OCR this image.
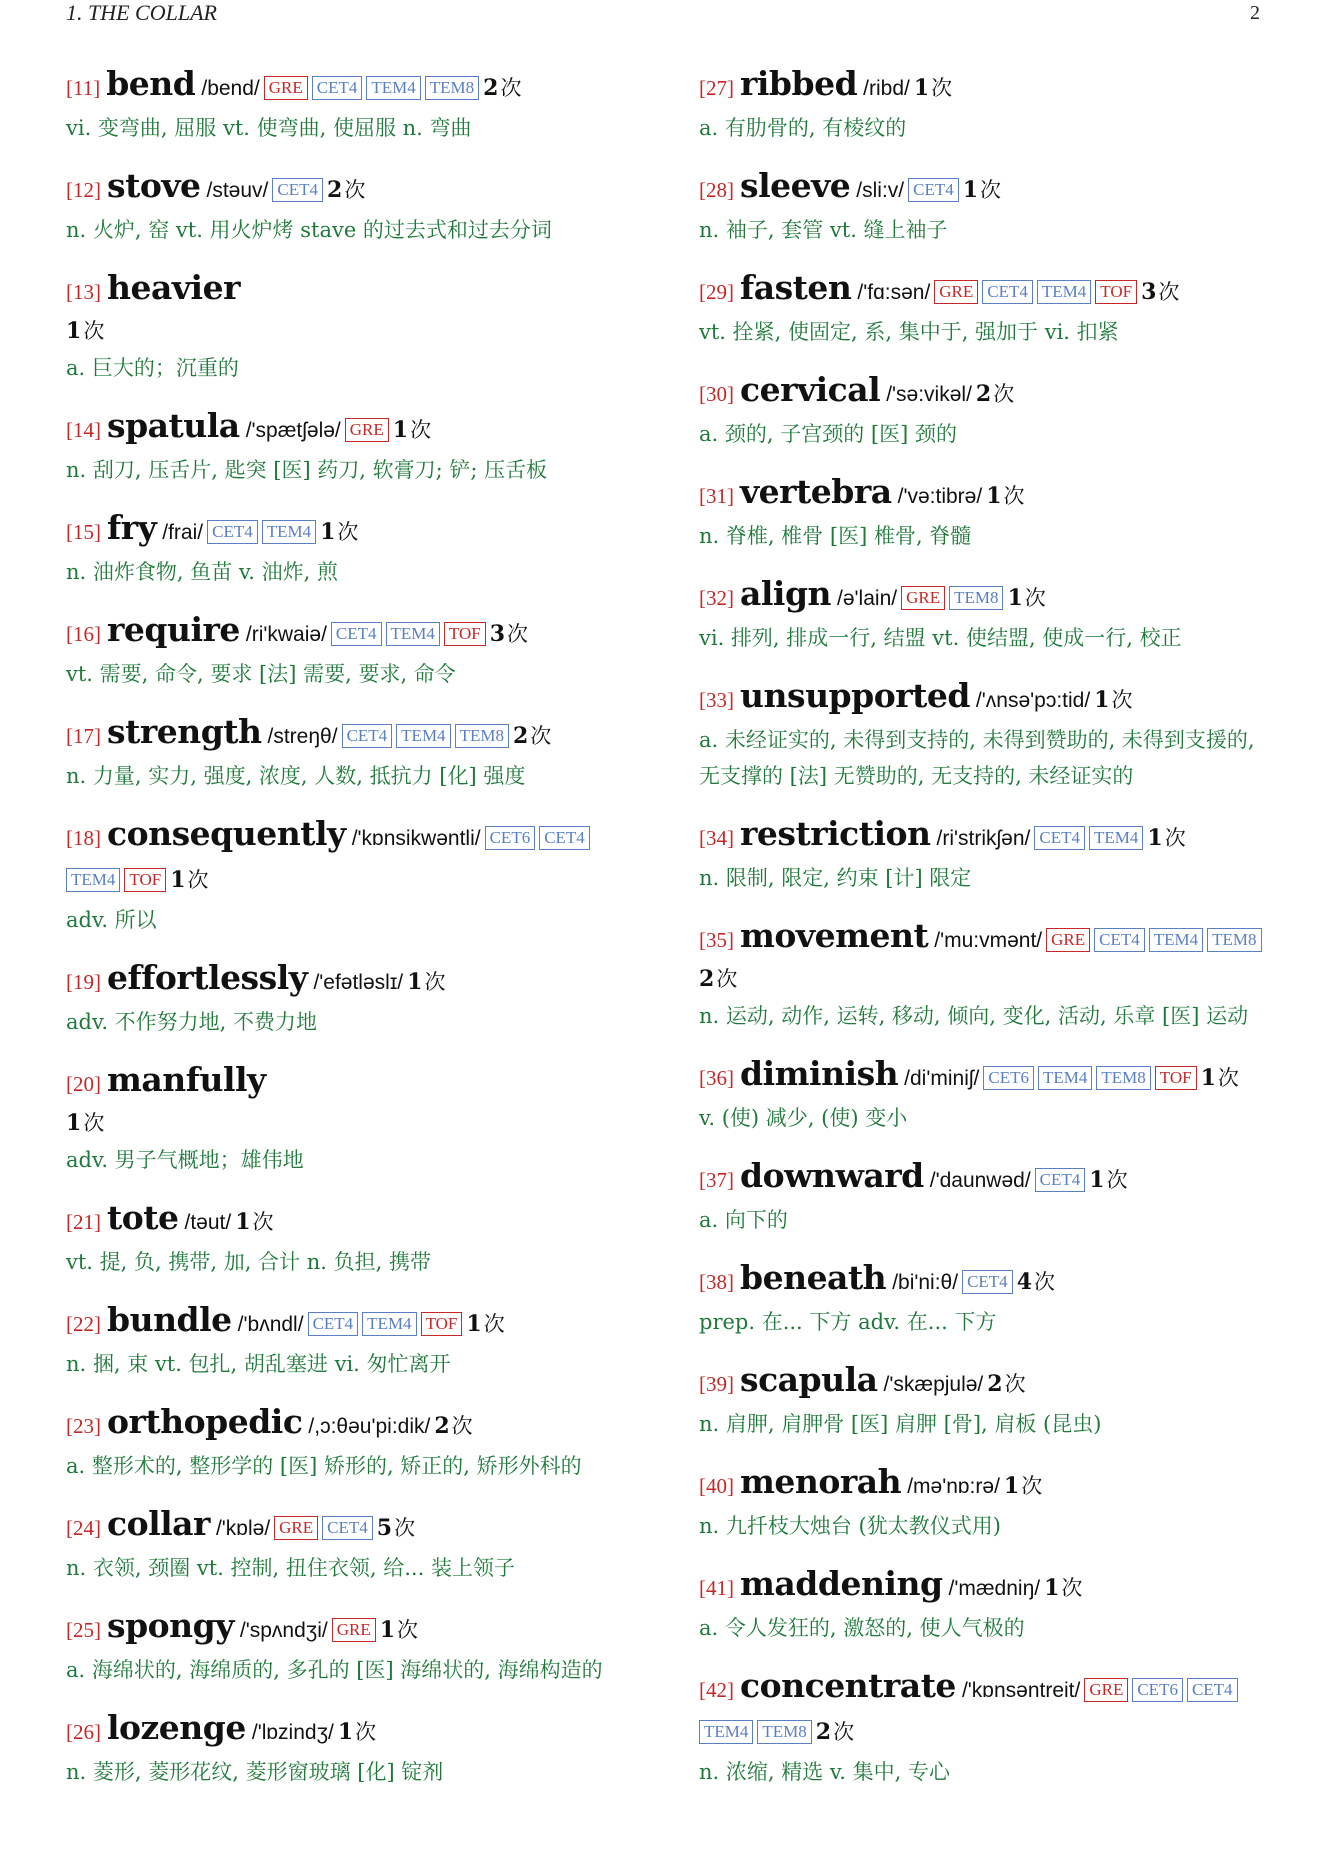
1. THE COLLAR	2
[11] bend /bend/ GRE CET4 TEM4 TEM8 2次
vi. 变弯曲, 屈服 vt. 使弯曲, 使屈服 n. 弯曲
[12] stove /stəuv/ CET4 2次
n. 火炉, 窑 vt. 用火炉烤 stave 的过去式和过去分词
[13] heavier
1次
a. 巨大的；沉重的
[14] spatula /'spætʃələ/ GRE 1次
n. 刮刀, 压舌片, 匙突 [医] 药刀, 软膏刀; 铲; 压舌板
[15] fry /frai/ CET4 TEM4 1次
n. 油炸食物, 鱼苗 v. 油炸, 煎
[16] require /ri'kwaiə/ CET4 TEM4 TOF 3次
vt. 需要, 命令, 要求 [法] 需要, 要求, 命令
[17] strength /streŋθ/ CET4 TEM4 TEM8 2次
n. 力量, 实力, 强度, 浓度, 人数, 抵抗力 [化] 强度
[18] consequently /'kɒnsikwəntli/ CET6 CET4
TEM4 TOF 1次
adv. 所以
[19] effortlessly /'efətləslɪ/ 1次
adv. 不作努力地, 不费力地
[20] manfully
1次
adv. 男子气概地；雄伟地
[21] tote /təut/ 1次
vt. 提, 负, 携带, 加, 合计 n. 负担, 携带
[22] bundle /'bʌndl/ CET4 TEM4 TOF 1次
n. 捆, 束 vt. 包扎, 胡乱塞进 vi. 匆忙离开
[23] orthopedic /,ɔ:θəu'pi:dik/ 2次
a. 整形术的, 整形学的 [医] 矫形的, 矫正的, 矫形外科的
[24] collar /'kɒlə/ GRE CET4 5次
n. 衣领, 颈圈 vt. 控制, 扭住衣领, 给... 装上领子
[25] spongy /'spʌndʒi/ GRE 1次
a. 海绵状的, 海绵质的, 多孔的 [医] 海绵状的, 海绵构造的
[26] lozenge /'lɒzindʒ/ 1次
n. 菱形, 菱形花纹, 菱形窗玻璃 [化] 锭剂
[27] ribbed /ribd/ 1次
a. 有肋骨的, 有棱纹的
[28] sleeve /sli:v/ CET4 1次
n. 袖子, 套管 vt. 缝上袖子
[29] fasten /'fɑ:sən/ GRE CET4 TEM4 TOF 3次
vt. 拴紧, 使固定, 系, 集中于, 强加于 vi. 扣紧
[30] cervical /'sə:vikəl/ 2次
a. 颈的, 子宫颈的 [医] 颈的
[31] vertebra /'və:tibrə/ 1次
n. 脊椎, 椎骨 [医] 椎骨, 脊髓
[32] align /ə'lain/ GRE TEM8 1次
vi. 排列, 排成一行, 结盟 vt. 使结盟, 使成一行, 校正
[33] unsupported /'ʌnsə'pɔ:tid/ 1次
a. 未经证实的, 未得到支持的, 未得到赞助的, 未得到支援的, 无支撑的 [法] 无赞助的, 无支持的, 未经证实的
[34] restriction /ri'strikʃən/ CET4 TEM4 1次
n. 限制, 限定, 约束 [计] 限定
[35] movement /'mu:vmənt/ GRE CET4 TEM4 TEM8
2次
n. 运动, 动作, 运转, 移动, 倾向, 变化, 活动, 乐章 [医] 运动
[36] diminish /di'miniʃ/ CET6 TEM4 TEM8 TOF 1次
v. (使) 减少, (使) 变小
[37] downward /'daunwəd/ CET4 1次
a. 向下的
[38] beneath /bi'ni:θ/ CET4 4次
prep. 在... 下方 adv. 在... 下方
[39] scapula /'skæpjulə/ 2次
n. 肩胛, 肩胛骨 [医] 肩胛 [骨], 肩板 (昆虫)
[40] menorah /mə'nɒ:rə/ 1次
n. 九扦枝大烛台 (犹太教仪式用)
[41] maddening /'mædniŋ/ 1次
a. 令人发狂的, 激怒的, 使人气极的
[42] concentrate /'kɒnsəntreit/ GRE CET6 CET4
TEM4 TEM8 2次
n. 浓缩, 精选 v. 集中, 专心
